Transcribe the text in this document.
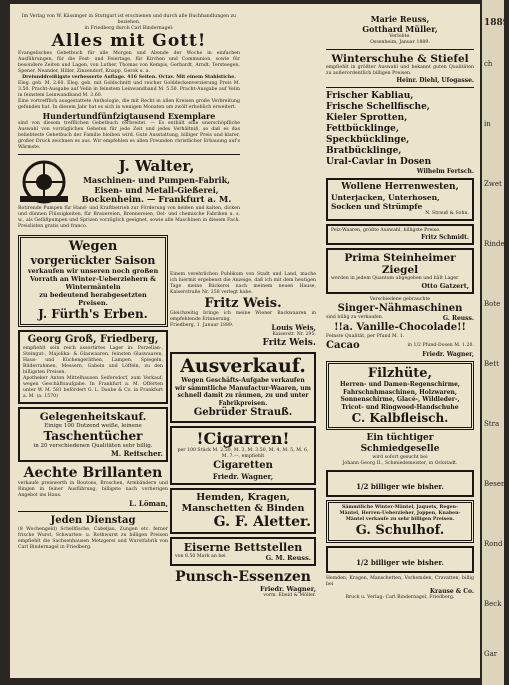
Im Verlag von W. Kässinger in Stuttgart ist erschienen und durch alle Buchhandlungen zu beziehen,
in Friedberg durch Carl Bindernagel:
Alles mit Gott!
Evangelisches Gebetbuch für alle Morgen und Abende der Woche in einfachen Ausführungen, für die Fest- und Feiertage, für Kirchen und Communion, sowie für besondere Zeiten und Lagen, von Luther, Thomas von Kempis, Gerhardt, Arndt, Tersteegen, Spener, Neander, Hiller, Zinzendorf, Knapp, Gerok u. a.
Dreiunddreißigste verbesserte Auflage. 416 Seiten. Octav. Mit einem Stahlstiche.
Eleg. geb. M. 2.60. Eleg. geb. mit Goldschnitt und reicher Golddeckenverzierung Preis M. 3.50. Pracht-Ausgabe auf Velin in feinstem Leinwandband M. 5.50. Pracht-Ausgabe auf Velin in feinstem Leinwandband M. 3.60.
Eine vortrefflich ausgestattete Anthologie, die mit Recht in allen Kreisen große Verbreitung gefunden hat. In diesem Jahr hat es sich in wenigen Monaten um zwölf erheblich erweitert.
Hundertundfünfzigtausend Exemplare
sind von diesem trefflichen Gebetbuch verbreitet. — Es enthält eine unerschöpfliche Auswahl von vorzüglichen Gebeten für jede Zeit und jedes Verhältniß, so daß es das beliebteste Gebetbuch der Familie bleiben wird. Gute Ausstattung, billiger Preis und klarer, großer Druck zeichnen es aus. Wir empfehlen es allen Freunden christlicher Erbauung auf's Wärmste.
J. Walter,
Maschinen- und Pumpen-Fabrik, Eisen- und Metall-Gießerei,
Bockenheim. — Frankfurt a. M.
Rotirende Pumpen für Hand- und Kraftbetrieb zur Förderung von heißen und kalten, dicken und dünnen Flüssigkeiten, für Brauereien, Brennereien, Oel- und chemische Fabriken u. s. w., als Gefäßpumpen und Sprizen vorzüglich geeignet, sowie alle Maschinen in diesem Fach. Preislisten gratis und franco.
Wegen
vorgerückter Saison
verkaufen wir unseren noch großen Vorrath an Winter-Ueberziehern & Wintermänteln
zu bedeutend herabgesetzten Preisen.
J. Fürth's Erben.
Georg Groß, Friedberg,
empfiehlt sein reich assortirtes Lager in: Porzellan-, Steingut-, Majolika- & Glaswaaren, feinsten Glaswaaren, Haus- und Küchengeräthen, Lampen, Spiegeln, Bilderrahmen, Messern, Gabeln und Löffeln, zu den billigsten Preisen.
Apotheker Anton Mittelhausen Seifersdorf, zum Verkauf, wegen Geschäftsaufgabe. In Frankfurt a. M. Offerten unter W. M. 581 befördert G. L. Daube & Co. in Frankfurt a. M. (a. 1570)
Gelegenheitskauf.
Einige 100 Dutzend weiße, leinene
Taschentücher
in 20 verschiedenen Qualitäten sehr billig.
M. Reitscher.
Aechte Brillanten
verkaufe preiswerth in Boutons, Broschen, Armbändern und Ringen in feiner Ausführung, billigste nach vorherigen Angebot ins Haus.
L. Löman,
Jeden Dienstag
(8 Wochengeld) Schellfische, Cabeljau, Zungen etc. ferner frische Wurst, Schwarten- u. Rothwurst zu billigen Preisen empfiehlt die Sachsenhausen Metzgerei und Wurstfabrik von Carl Bindernagel in Friedberg.
Einem verehrlichen Publikum von Stadt und Land, mache ich hiermit ergebenst die Anzeige, daß ich mit dem heutigen Tage meine Bäckerei nach meinem neuen Hause, Kaiserstraße Nr. 258 verlegt habe.
Fritz Weis.
Gleichzeitig bringe ich meine Wiener Backwaaren in empfehlende Erinnerung.
Friedberg, 1. Januar 1889.	Louis Weis,
Kaiserstr. Nr. 295.
Fritz Weis.
Ausverkauf.
Wegen Geschäfts-Aufgabe verkaufen wir sämmtliche Manufactur-Waaren, um schnell damit zu räumen, zu und unter Fabrikpreisen.
Gebrüder Strauß.
!Cigarren!
per 100 Stück M. 2.50, M. 3, M. 3.50, M. 4, M. 5, M. 6, M. 7.—, empfiehlt
Cigaretten
Friedr. Wagner,
Hemden, Kragen, Manschetten & Binden
G. F. Aletter.
Eiserne Bettstellen
von 8.50 Mark an bei	G. M. Reuss.
Punsch-Essenzen
Friedr. Wagner,
vorm. Ebeid & Möller.
Marie Reuss,
Gotthard Müller,
Verlobte.
Ossenheim, Januar 1889.
Winterschuhe & Stiefel
empfiehlt in größter Auswahl und bekannt guten Qualitäten zu außerordentlich billigen Preisen.
Heinr. Diehl, Ufogasse.
Frischer Kabliau,
Frische Schellfische,
Kieler Sprotten, Fettbücklinge,
Speckbücklinge, Bratbücklinge,
Ural-Caviar in Dosen
Wilhelm Fertsch.
Wollene Herrenwesten,
Unterjacken, Unterhosen, Socken und Strümpfe
N. Strauß & Sohn,
Pelz-Waaren, größte Auswahl, billigste Preise.
Fritz Schmidt.
Prima Steinheimer Ziegel
werden in jedem Quantum abgegeben und hält Lager
Otto Gatzert,
Verschiedene gebrauchte
Singer-Nähmaschinen
sind billig zu verkaufen.	G. Reuss.
!!a. Vanille-Chocolade!!
Feinste Qualität, per Pfund M. 1.
Cacao	in 1/2 Pfund-Dosen M. 1.20.
Friedr. Wagner,
Filzhüte,
Herren- und Damen-Regenschirme, Fahrschnhmaschinen, Holzwaren, Sonnenschirme, Glacé-, Wildleder-, Tricot- und Ringwood-Handschuhe
C. Kalbfleisch.
Ein tüchtiger Schmiedgeselle
wird sofort gesucht bei
Johann Georg II., Schmiedemeister, in Ockstadt.
1/2 billiger wie bisher.
Sämmtliche Winter-Mäntel, Jaquets, Regen-Mäntel, Herren-Ueberzieher, Joppen, Knaben-Mäntel verkaufe zu sehr billigen Preisen.
G. Schulhof.
1/2 billiger wie bisher.
Hemden, Kragen, Manschetten, Vorhemden, Cravatten, billig bei
Krause & Co.
Bruck u. Verlag: Carl Bindernagel, Friedberg.
1889
ch
in
Zwet
Rinde
Bote
Bett
Stra
Besen
Rond
Beck
Gar
